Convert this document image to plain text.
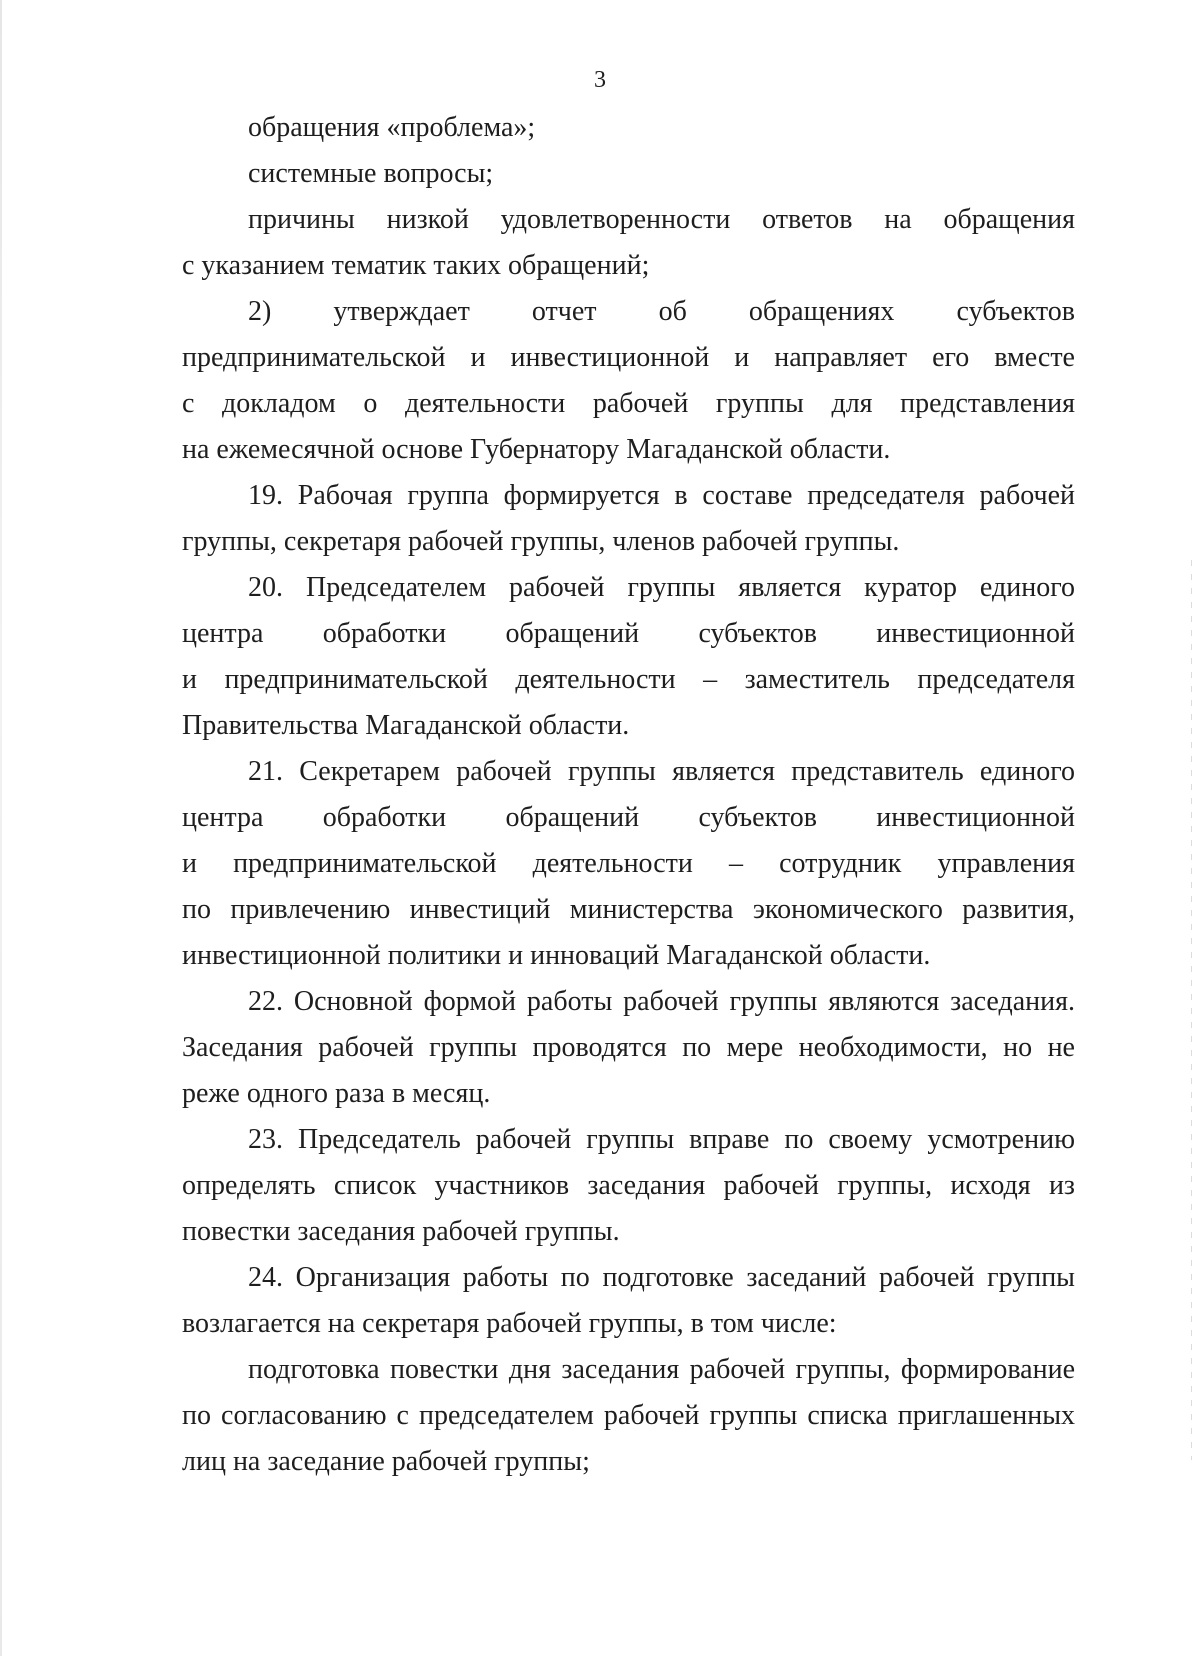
3
обращения «проблема»;
системные вопросы;
причины низкой удовлетворенности ответов на обращения
с указанием тематик таких обращений;
2) утверждает отчет об обращениях субъектов
предпринимательской и инвестиционной и направляет его вместе
с докладом о деятельности рабочей группы для представления
на ежемесячной основе Губернатору Магаданской области.
19. Рабочая группа формируется в составе председателя рабочей
группы, секретаря рабочей группы, членов рабочей группы.
20. Председателем рабочей группы является куратор единого
центра обработки обращений субъектов инвестиционной
и предпринимательской деятельности – заместитель председателя
Правительства Магаданской области.
21. Секретарем рабочей группы является представитель единого
центра обработки обращений субъектов инвестиционной
и предпринимательской деятельности – сотрудник управления
по привлечению инвестиций министерства экономического развития,
инвестиционной политики и инноваций Магаданской области.
22. Основной формой работы рабочей группы являются заседания.
Заседания рабочей группы проводятся по мере необходимости, но не
реже одного раза в месяц.
23. Председатель рабочей группы вправе по своему усмотрению
определять список участников заседания рабочей группы, исходя из
повестки заседания рабочей группы.
24. Организация работы по подготовке заседаний рабочей группы
возлагается на секретаря рабочей группы, в том числе:
подготовка повестки дня заседания рабочей группы, формирование
по согласованию с председателем рабочей группы списка приглашенных
лиц на заседание рабочей группы;
